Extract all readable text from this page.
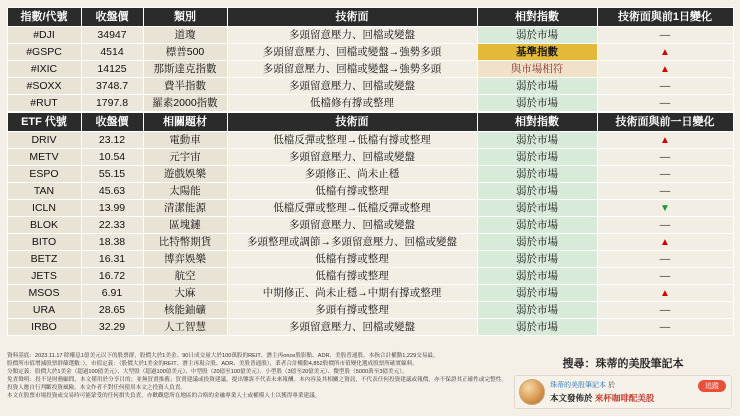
指數/代號	收盤價	類別	技術面	相對指數	技術面與前1日變化
#DJI	34947	道瓊	多頭留意壓力、回檔或變盤	弱於市場	—
#GSPC	4514	標普500	多頭留意壓力、回檔或變盤→強勢多頭	基準指數	▲
#IXIC	14125	那斯達克指數	多頭留意壓力、回檔或變盤→強勢多頭	與市場相符	▲
#SOXX	3748.7	費半指數	多頭留意壓力、回檔或變盤	弱於市場	—
#RUT	1797.8	羅素2000指數	低檔修有撐或整理	弱於市場	—
ETF 代號	收盤價	相關題材	技術面	相對指數	技術面與前一日變化
DRIV	23.12	電動車	低檔反彈或整理→低檔有撐或整理	弱於市場	▲
METV	10.54	元宇宙	多頭留意壓力、回檔或變盤	弱於市場	—
ESPO	55.15	遊戲娛樂	多頭修正、尚未止穩	弱於市場	—
TAN	45.63	太陽能	低檔有撐或整理	弱於市場	—
ICLN	13.99	清潔能源	低檔反彈或整理→低檔反彈或整理	弱於市場	▼
BLOK	22.33	區塊鏈	多頭留意壓力、回檔或變盤	弱於市場	—
BITO	18.38	比特幣期貨	多頭整理或調節→多頭留意壓力、回檔或變盤	弱於市場	▲
BETZ	16.31	博弈娛樂	低檔有撐或整理	弱於市場	—
JETS	16.72	航空	低檔有撐或整理	弱於市場	—
MSOS	6.91	大麻	中期修正、尚未止穩→中期有撐或整理	弱於市場	▲
URA	28.65	核能鈾礦	多頭有撐或整理	弱於市場	—
IRBO	32.29	人工智慧	多頭留意壓力、回檔或變盤	弱於市場	—
資料基底：2023.11.17 除權息1億美元以下的股票群，股價大於1美金、90日成交量大於100萬股的REIT、潛主再once股影點、ADR、美股普通股，本指合計權動1,229交易最、
股價所市值增減股票群篩選數：），市值定義：（股價大於1美金的REIT、潛主再現合股、ADR、美股普通股），業者合計權動4,852股價所市值變化選成股票所確實線料。
分類定義：股價大於1美金（超過100億美元）、大型股（超過100億美元）、中型股（20億至100億美元）、小型股（3億至20億美元）、微型股（5000萬至3億美元）。
免責聲明：投不是財務顧問，本文僅用於分享目的；並無買賣推薦；買賣建議或投資建議。提出鑒訴不代表未來報酬。本內容及其相關之資訊，不代表任何投資建議或報價，亦不保證其正確性或完整性。投資人應自行判斷投資風險，本文作者不對任何使用本文之投資人負責。
本文在股票市場投資或交易時可能蒙受的任何損失負責，亦歡觀您所在地區的合格的金融專業人士或權模人士以獲得專業建議。
搜尋：珠蒂的美股筆記本
珠蒂的美股筆記本 於
本文發佈於 來杯咖啡配美股
追蹤
